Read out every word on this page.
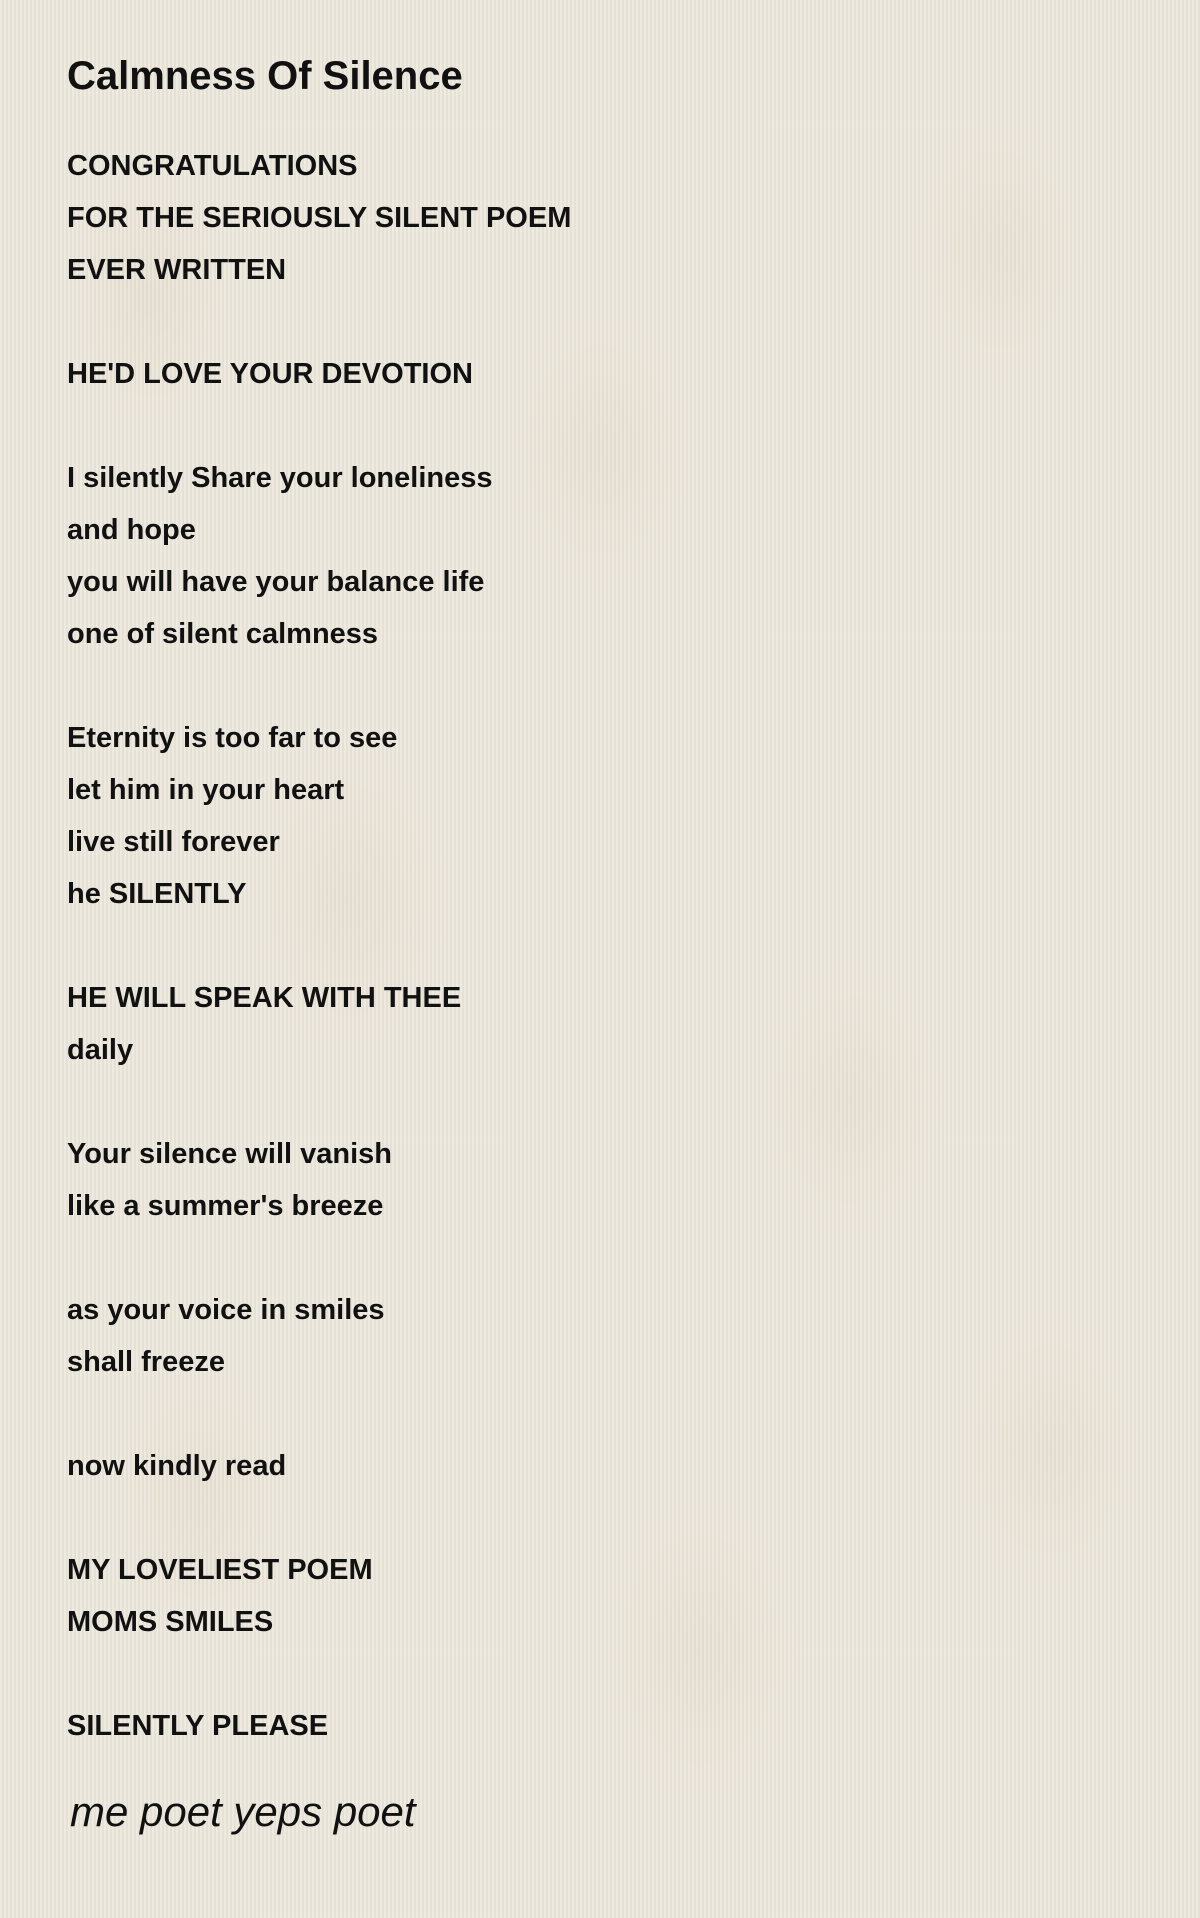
Calmness Of Silence
CONGRATULATIONS
FOR THE SERIOUSLY SILENT POEM
EVER WRITTEN
HE'D LOVE YOUR DEVOTION
I silently Share your loneliness
and hope
you will have your balance life
one of silent calmness
Eternity is too far to see
let him in your heart
live still forever
he SILENTLY
HE WILL SPEAK WITH THEE
daily
Your silence will vanish
like a summer's breeze
as your voice in smiles
shall freeze
now kindly read
MY LOVELIEST POEM
MOMS SMILES
SILENTLY PLEASE
me poet yeps poet
